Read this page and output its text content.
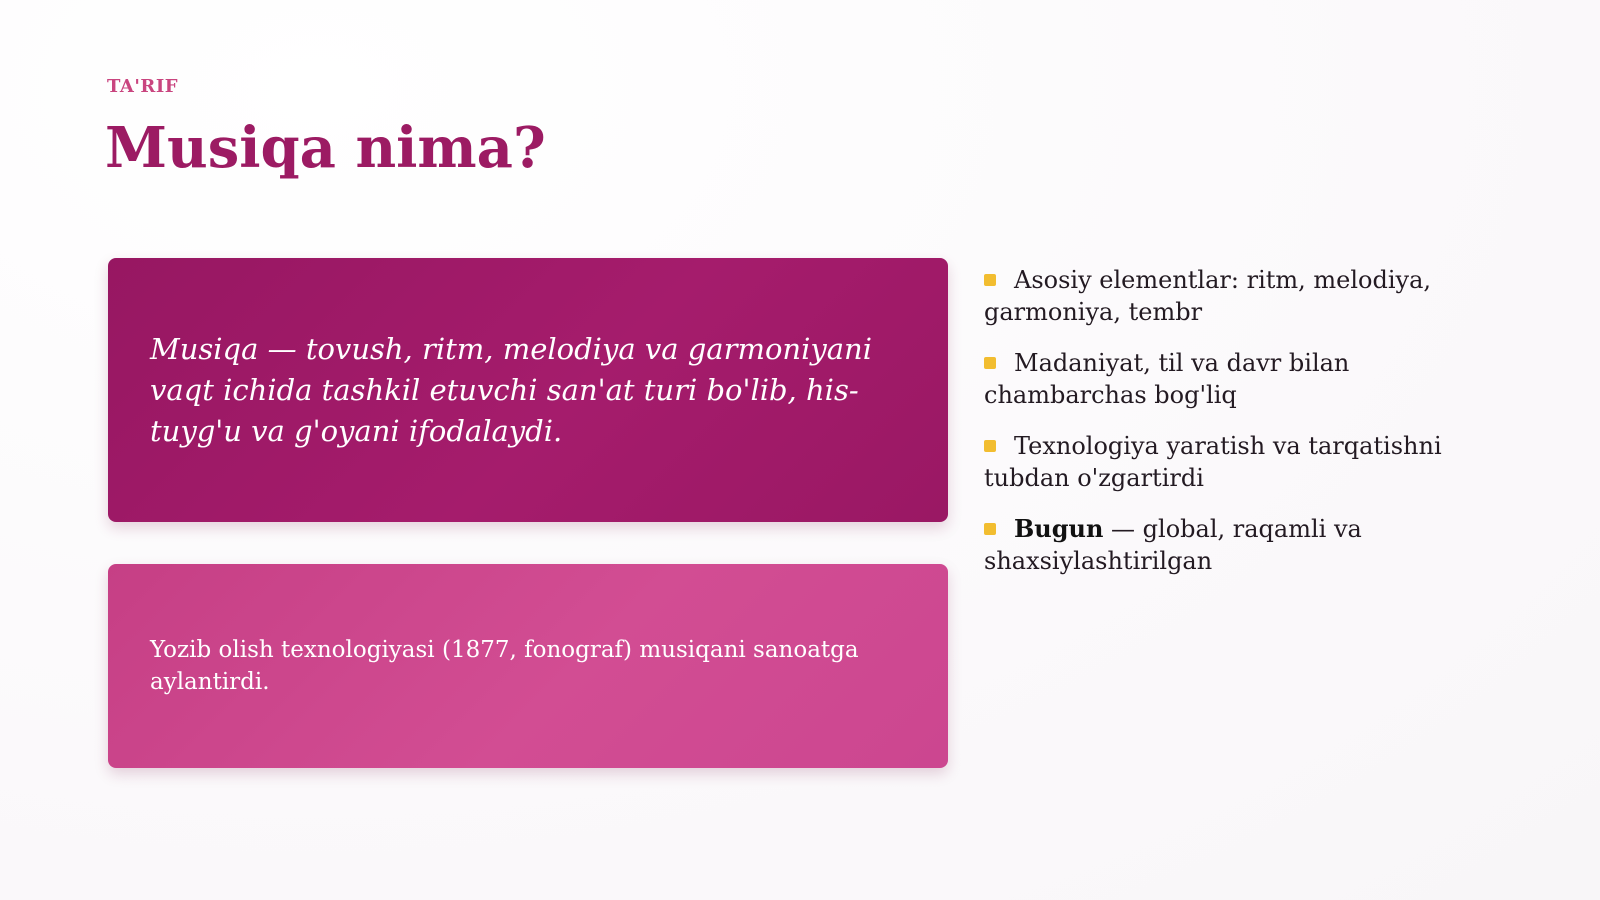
TA'RIF
Musiqa nima?

Musiqa — tovush, ritm, melodiya va garmoniyani vaqt ichida tashkil etuvchi san'at turi bo'lib, his-tuyg'u va g'oyani ifodalaydi.

Yozib olish texnologiyasi (1877, fonograf) musiqani sanoatga aylantirdi.

Asosiy elementlar: ritm, melodiya, garmoniya, tembr
Madaniyat, til va davr bilan chambarchas bog'liq
Texnologiya yaratish va tarqatishni tubdan o'zgartirdi
Bugun — global, raqamli va shaxsiylashtirilgan
